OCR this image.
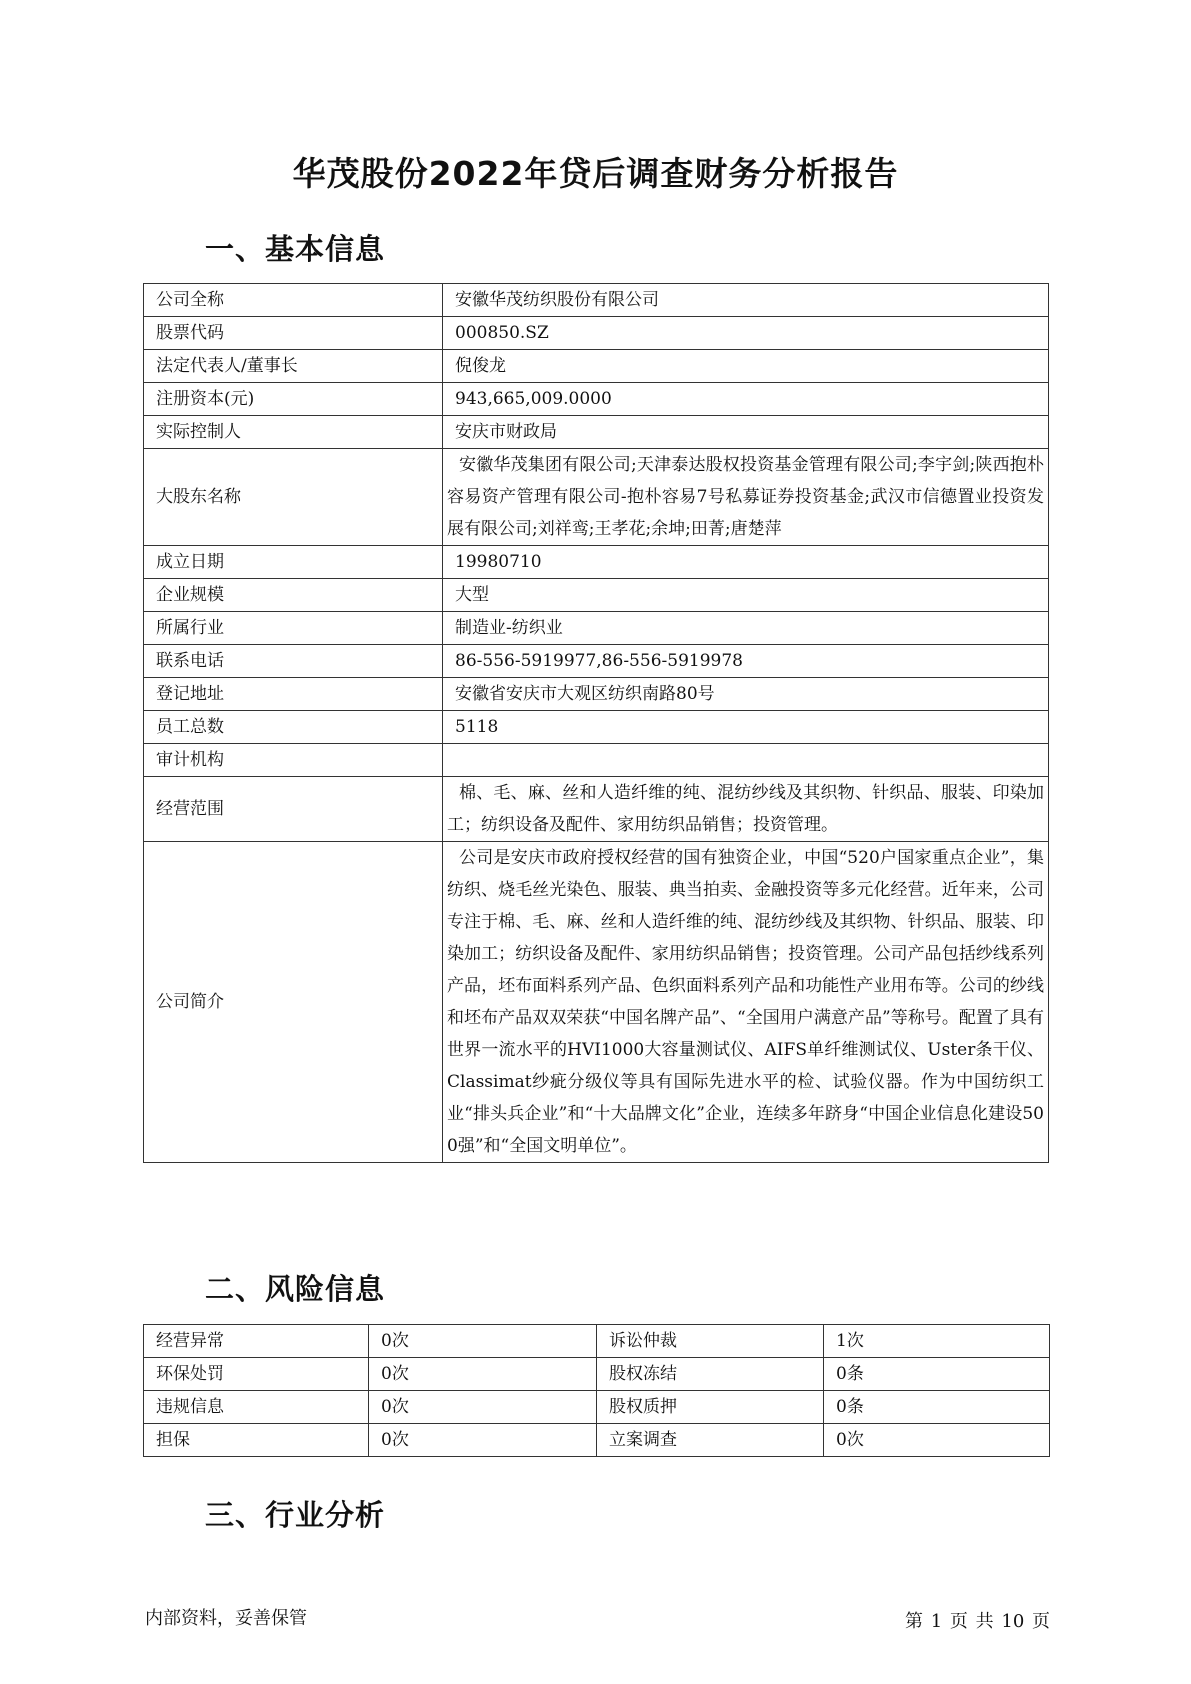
华茂股份2022年贷后调查财务分析报告
一、基本信息
公司全称	安徽华茂纺织股份有限公司
股票代码	000850.SZ
法定代表人/董事长	倪俊龙
注册资本(元)	943,665,009.0000
实际控制人	安庆市财政局
大股东名称	安徽华茂集团有限公司;天津泰达股权投资基金管理有限公司;李宇剑;陕西抱朴容易资产管理有限公司-抱朴容易7号私募证券投资基金;武汉市信德置业投资发展有限公司;刘祥鸾;王孝花;余坤;田菁;唐楚萍
成立日期	19980710
企业规模	大型
所属行业	制造业-纺织业
联系电话	86-556-5919977,86-556-5919978
登记地址	安徽省安庆市大观区纺织南路80号
员工总数	5118
审计机构	
经营范围	棉、毛、麻、丝和人造纤维的纯、混纺纱线及其织物、针织品、服装、印染加工；纺织设备及配件、家用纺织品销售；投资管理。
公司简介	公司是安庆市政府授权经营的国有独资企业，中国“520户国家重点企业”，集纺织、烧毛丝光染色、服装、典当拍卖、金融投资等多元化经营。近年来，公司专注于棉、毛、麻、丝和人造纤维的纯、混纺纱线及其织物、针织品、服装、印染加工；纺织设备及配件、家用纺织品销售；投资管理。公司产品包括纱线系列产品，坯布面料系列产品、色织面料系列产品和功能性产业用布等。公司的纱线和坯布产品双双荣获“中国名牌产品”、“全国用户满意产品”等称号。配置了具有世界一流水平的HVI1000大容量测试仪、AIFS单纤维测试仪、Uster条干仪、Classimat纱疵分级仪等具有国际先进水平的检、试验仪器。作为中国纺织工业“排头兵企业”和“十大品牌文化”企业，连续多年跻身“中国企业信息化建设500强”和“全国文明单位”。
二、风险信息
经营异常	0次	诉讼仲裁	1次
环保处罚	0次	股权冻结	0条
违规信息	0次	股权质押	0条
担保	0次	立案调查	0次
三、行业分析
内部资料，妥善保管	第 1 页 共 10 页
